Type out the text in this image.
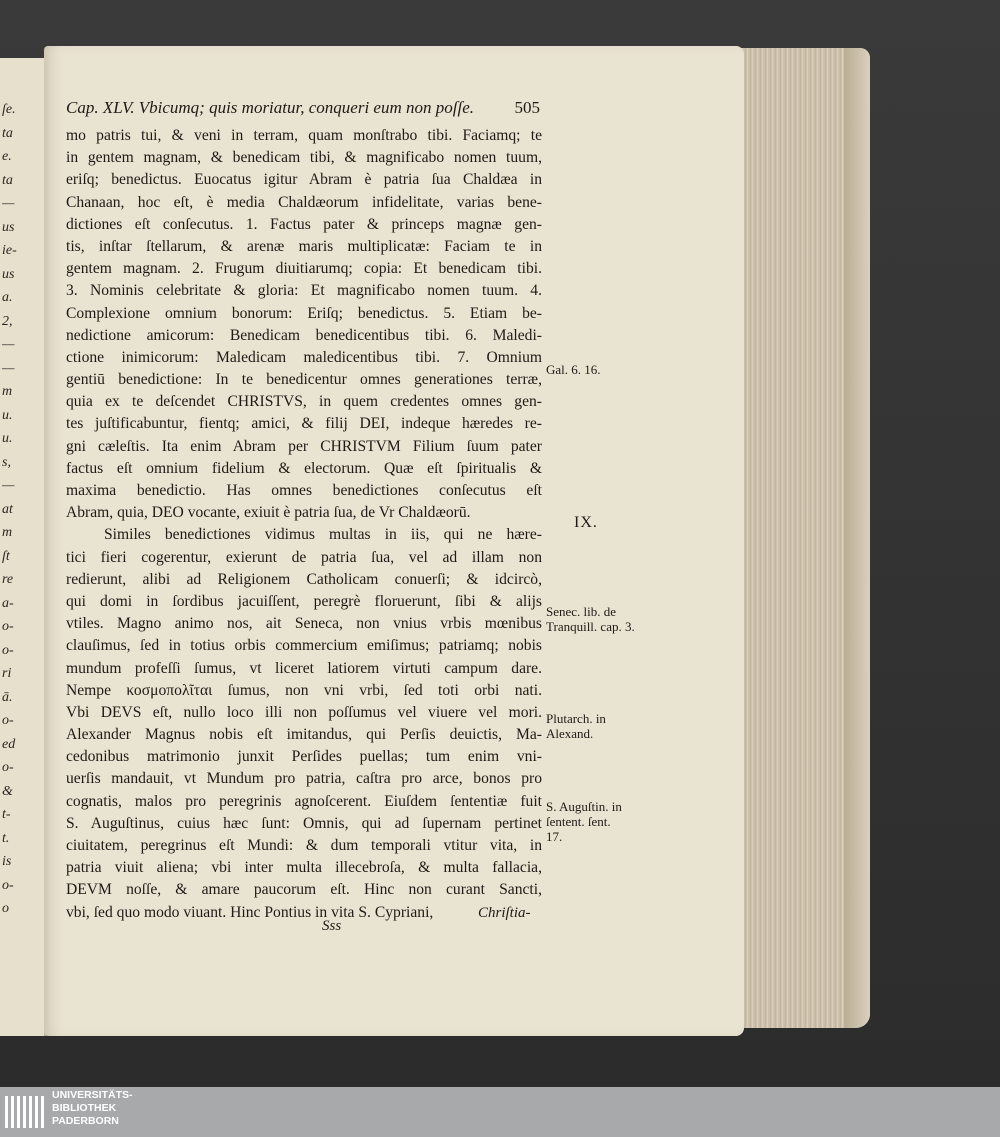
ſe.
ta
e.
ta
—
us
ie-
us
a.
2,
—
—
m
u.
u.
s,
—
at
m
ſt
re
a-
o-
o-
ri
ā.
o-
ed
o-
&
t-
t.
is
o-
o
Cap. XLV. Vbicumq; quis moriatur, conqueri eum non poſſe. 505
mo patris tui, & veni in terram, quam monſtrabo tibi. Faciamq; te
in gentem magnam, & benedicam tibi, & magnificabo nomen tuum,
eriſq; benedictus. Euocatus igitur Abram è patria ſua Chaldæa in
Chanaan, hoc eſt, è media Chaldæorum infidelitate, varias bene-
dictiones eſt conſecutus. 1. Factus pater & princeps magnæ gen-
tis, inſtar ſtellarum, & arenæ maris multiplicatæ: Faciam te in
gentem magnam. 2. Frugum diuitiarumq; copia: Et benedicam tibi.
3. Nominis celebritate & gloria: Et magnificabo nomen tuum. 4.
Complexione omnium bonorum: Eriſq; benedictus. 5. Etiam be-
nedictione amicorum: Benedicam benedicentibus tibi. 6. Maledi-
ctione inimicorum: Maledicam maledicentibus tibi. 7. Omnium
gentiū benedictione: In te benedicentur omnes generationes terræ,
quia ex te deſcendet CHRISTVS, in quem credentes omnes gen-
tes juſtificabuntur, fientq; amici, & filij DEI, indeque hæredes re-
gni cæleſtis. Ita enim Abram per CHRISTVM Filium ſuum pater
factus eſt omnium fidelium & electorum. Quæ eſt ſpiritualis &
maxima benedictio. Has omnes benedictiones conſecutus eſt
Abram, quia, DEO vocante, exiuit è patria ſua, de Vr Chaldæorū.
Similes benedictiones vidimus multas in iis, qui ne hære-
tici fieri cogerentur, exierunt de patria ſua, vel ad illam non
redierunt, alibi ad Religionem Catholicam conuerſi; & idcircò,
qui domi in ſordibus jacuiſſent, peregrè floruerunt, ſibi & alijs
vtiles. Magno animo nos, ait Seneca, non vnius vrbis mœnibus
clauſimus, ſed in totius orbis commercium emiſimus; patriamq; nobis
mundum profeſſi ſumus, vt liceret latiorem virtuti campum dare.
Nempe κοσμοπολῖται ſumus, non vni vrbi, ſed toti orbi nati.
Vbi DEVS eſt, nullo loco illi non poſſumus vel viuere vel mori.
Alexander Magnus nobis eſt imitandus, qui Perſis deuictis, Ma-
cedonibus matrimonio junxit Perſides puellas; tum enim vni-
uerſis mandauit, vt Mundum pro patria, caſtra pro arce, bonos pro
cognatis, malos pro peregrinis agnoſcerent. Eiuſdem ſententiæ fuit
S. Auguſtinus, cuius hæc ſunt: Omnis, qui ad ſupernam pertinet
ciuitatem, peregrinus eſt Mundi: & dum temporali vtitur vita, in
patria viuit aliena; vbi inter multa illecebroſa, & multa fallacia,
DEVM noſſe, & amare paucorum eſt. Hinc non curant Sancti,
vbi, ſed quo modo viuant. Hinc Pontius in vita S. Cypriani,
Gal. 6. 16.
IX.
Senec. lib. de Tranquill. cap. 3.
Plutarch. in Alexand.
S. Auguſtin. in ſentent. ſent. 17.
Sss
Chriſtia-
UNIVERSITÄTS-
BIBLIOTHEK
PADERBORN
